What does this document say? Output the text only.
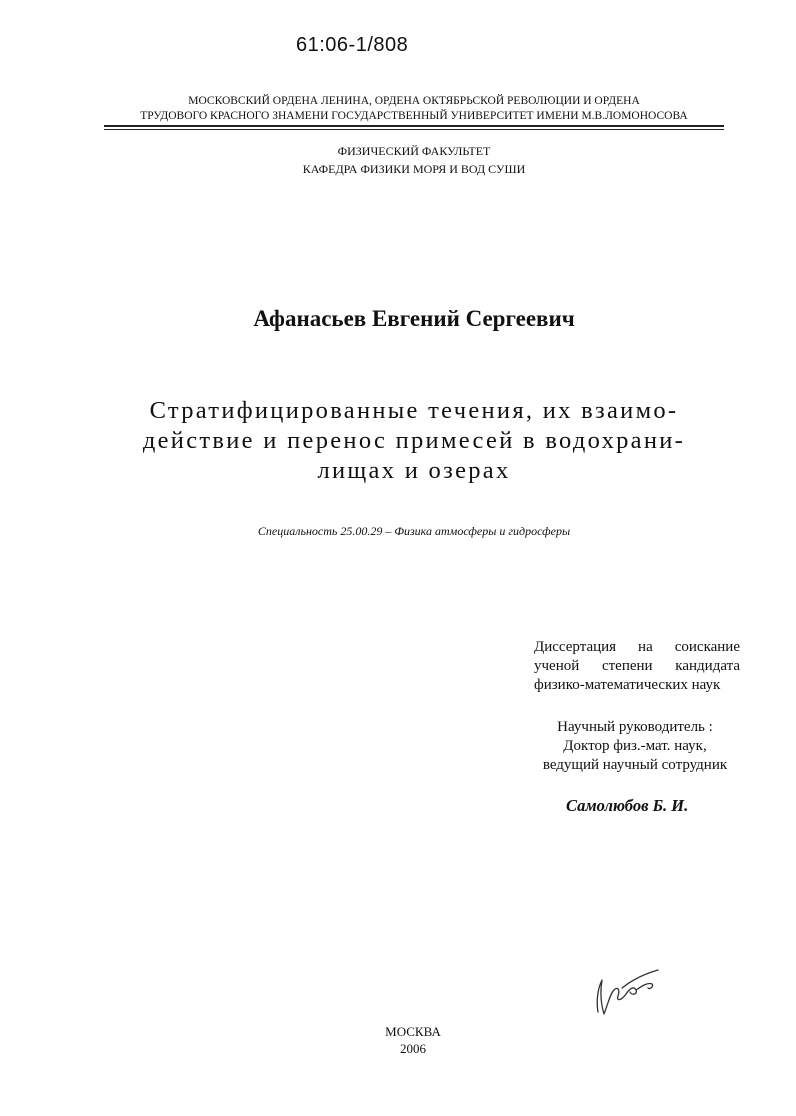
61:06-1/808
МОСКОВСКИЙ ОРДЕНА ЛЕНИНА, ОРДЕНА ОКТЯБРЬСКОЙ РЕВОЛЮЦИИ И ОРДЕНА
ТРУДОВОГО КРАСНОГО ЗНАМЕНИ ГОСУДАРСТВЕННЫЙ УНИВЕРСИТЕТ ИМЕНИ М.В.ЛОМОНОСОВА
ФИЗИЧЕСКИЙ ФАКУЛЬТЕТ
КАФЕДРА ФИЗИКИ МОРЯ И ВОД СУШИ
Афанасьев Евгений Сергеевич
Стратифицированные течения, их взаимо-
действие и перенос примесей в водохрани-
лищах и озерах
Специальность 25.00.29 – Физика атмосферы и гидросферы
Диссертация на соискание
ученой степени кандидата
физико-математических наук
Научный руководитель :
Доктор физ.-мат. наук,
ведущий научный сотрудник
Самолюбов Б. И.
МОСКВА
2006
